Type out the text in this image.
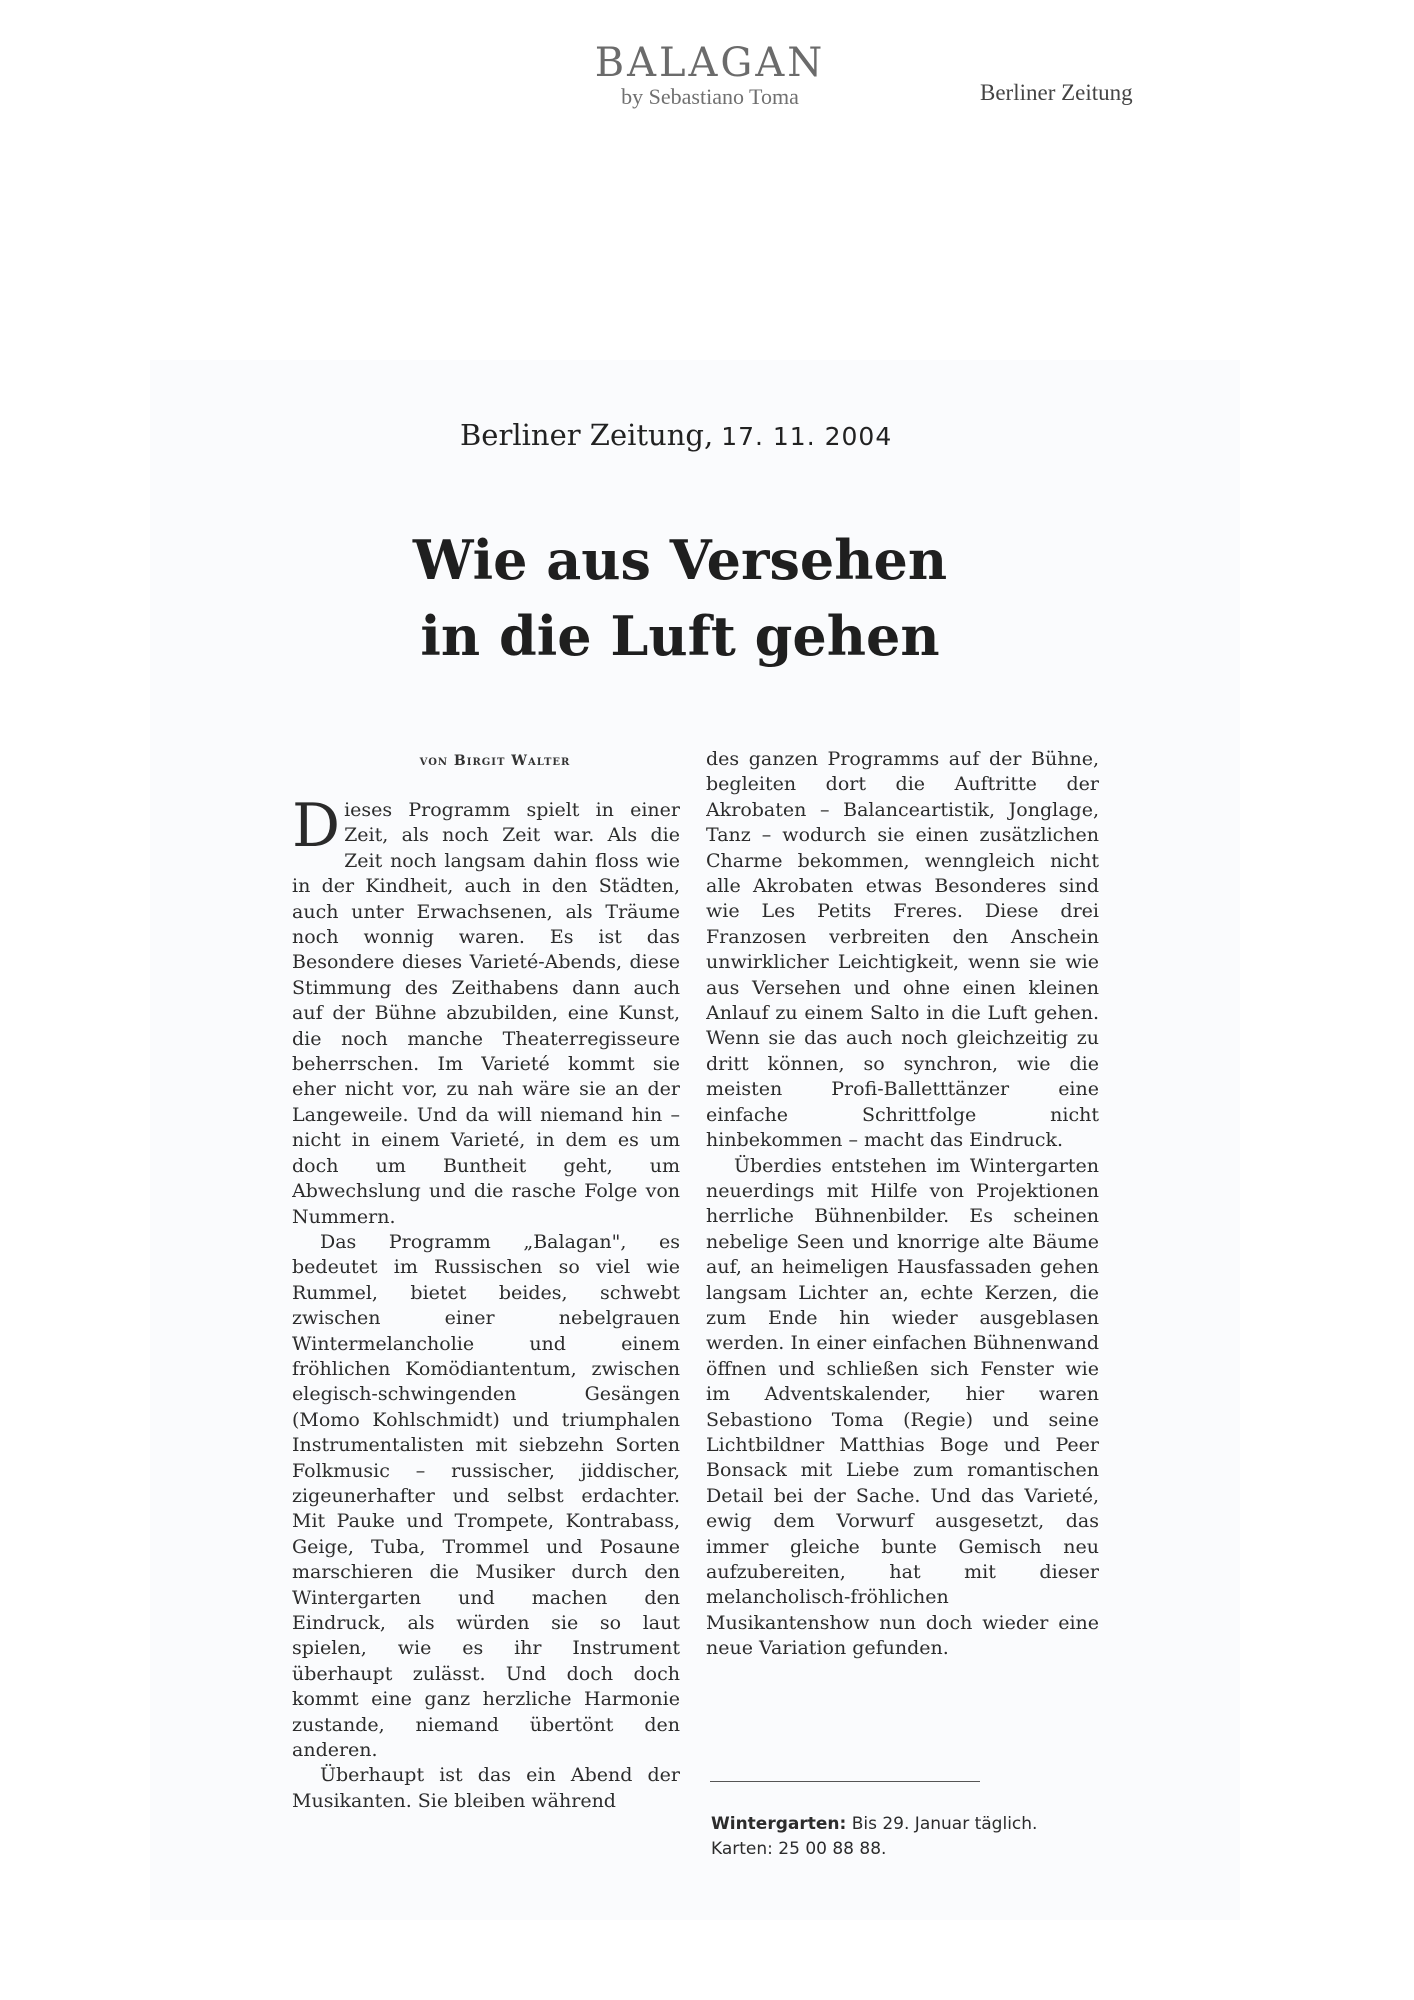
BALAGAN
by Sebastiano Toma	Berliner Zeitung
Berliner Zeitung, 17. 11. 2004
Wie aus Versehen
in die Luft gehen
von Birgit Walter

Dieses Programm spielt in einer Zeit, als noch Zeit war. Als die Zeit noch langsam dahin floss wie in der Kindheit, auch in den Städten, auch unter Erwachsenen, als Träume noch wonnig waren. Es ist das Besondere dieses Varieté-Abends, diese Stimmung des Zeithabens dann auch auf der Bühne abzubilden, eine Kunst, die noch manche Theaterregisseure beherrschen. Im Varieté kommt sie eher nicht vor, zu nah wäre sie an der Langeweile. Und da will niemand hin – nicht in einem Varieté, in dem es um doch um Buntheit geht, um Abwechslung und die rasche Folge von Nummern.

Das Programm „Balagan", es bedeutet im Russischen so viel wie Rummel, bietet beides, schwebt zwischen einer nebelgrauen Wintermelancholie und einem fröhlichen Komödiantentum, zwischen elegisch-schwingenden Gesängen (Momo Kohlschmidt) und triumphalen Instrumentalisten mit siebzehn Sorten Folkmusic – russischer, jiddischer, zigeunerhafter und selbst erdachter. Mit Pauke und Trompete, Kontrabass, Geige, Tuba, Trommel und Posaune marschieren die Musiker durch den Wintergarten und machen den Eindruck, als würden sie so laut spielen, wie es ihr Instrument überhaupt zulässt. Und doch doch kommt eine ganz herzliche Harmonie zustande, niemand übertönt den anderen.

Überhaupt ist das ein Abend der Musikanten. Sie bleiben während

des ganzen Programms auf der Bühne, begleiten dort die Auftritte der Akrobaten – Balanceartistik, Jonglage, Tanz – wodurch sie einen zusätzlichen Charme bekommen, wenngleich nicht alle Akrobaten etwas Besonderes sind wie Les Petits Freres. Diese drei Franzosen verbreiten den Anschein unwirklicher Leichtigkeit, wenn sie wie aus Versehen und ohne einen kleinen Anlauf zu einem Salto in die Luft gehen. Wenn sie das auch noch gleichzeitig zu dritt können, so synchron, wie die meisten Profi-Balletttänzer eine einfache Schrittfolge nicht hinbekommen – macht das Eindruck.

Überdies entstehen im Wintergarten neuerdings mit Hilfe von Projektionen herrliche Bühnenbilder. Es scheinen nebelige Seen und knorrige alte Bäume auf, an heimeligen Hausfassaden gehen langsam Lichter an, echte Kerzen, die zum Ende hin wieder ausgeblasen werden. In einer einfachen Bühnenwand öffnen und schließen sich Fenster wie im Adventskalender, hier waren Sebastiono Toma (Regie) und seine Lichtbildner Matthias Boge und Peer Bonsack mit Liebe zum romantischen Detail bei der Sache. Und das Varieté, ewig dem Vorwurf ausgesetzt, das immer gleiche bunte Gemisch neu aufzubereiten, hat mit dieser melancholisch-fröhlichen Musikantenshow nun doch wieder eine neue Variation gefunden.

Wintergarten: Bis 29. Januar täglich. Karten: 25 00 88 88.
